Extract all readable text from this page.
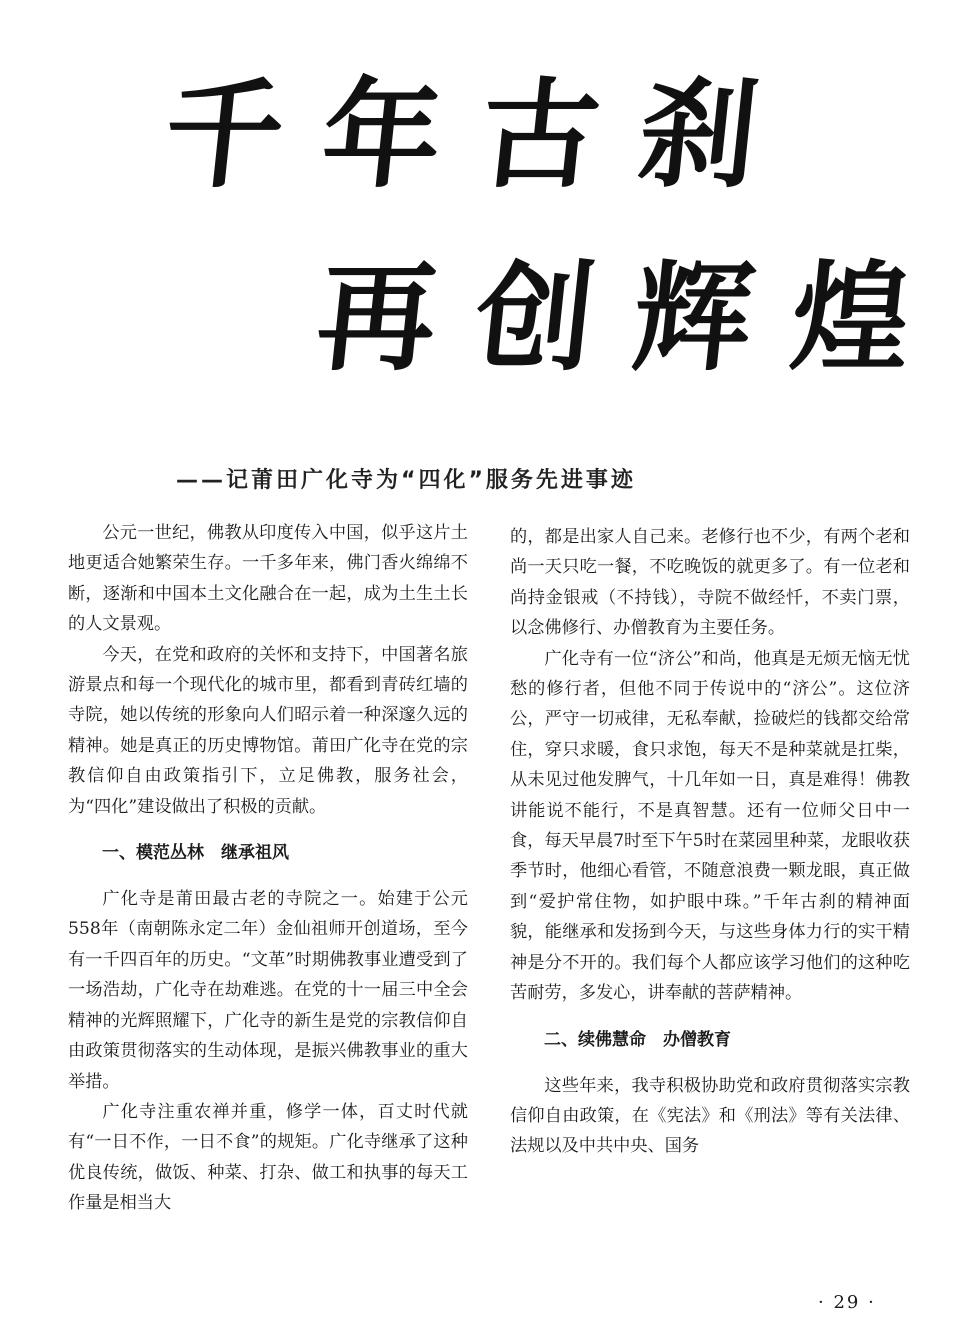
千年古刹
再创辉煌
——记莆田广化寺为“四化”服务先进事迹

公元一世纪，佛教从印度传入中国，似乎这片土地更适合她繁荣生存。一千多年来，佛门香火绵绵不断，逐渐和中国本土文化融合在一起，成为土生土长的人文景观。

今天，在党和政府的关怀和支持下，中国著名旅游景点和每一个现代化的城市里，都看到青砖红墙的寺院，她以传统的形象向人们昭示着一种深邃久远的精神。她是真正的历史博物馆。莆田广化寺在党的宗教信仰自由政策指引下，立足佛教，服务社会，为“四化”建设做出了积极的贡献。

一、模范丛林　继承祖风

广化寺是莆田最古老的寺院之一。始建于公元558年（南朝陈永定二年）金仙祖师开创道场，至今有一千四百年的历史。“文革”时期佛教事业遭受到了一场浩劫，广化寺在劫难逃。在党的十一届三中全会精神的光辉照耀下，广化寺的新生是党的宗教信仰自由政策贯彻落实的生动体现，是振兴佛教事业的重大举措。

广化寺注重农禅并重，修学一体，百丈时代就有“一日不作，一日不食”的规矩。广化寺继承了这种优良传统，做饭、种菜、打杂、做工和执事的每天工作量是相当大

的，都是出家人自己来。老修行也不少，有两个老和尚一天只吃一餐，不吃晚饭的就更多了。有一位老和尚持金银戒（不持钱），寺院不做经忏，不卖门票，以念佛修行、办僧教育为主要任务。

广化寺有一位“济公”和尚，他真是无烦无恼无忧愁的修行者，但他不同于传说中的“济公”。这位济公，严守一切戒律，无私奉献，捡破烂的钱都交给常住，穿只求暖，食只求饱，每天不是种菜就是扛柴，从未见过他发脾气，十几年如一日，真是难得！佛教讲能说不能行，不是真智慧。还有一位师父日中一食，每天早晨7时至下午5时在菜园里种菜，龙眼收获季节时，他细心看管，不随意浪费一颗龙眼，真正做到“爱护常住物，如护眼中珠。”千年古刹的精神面貌，能继承和发扬到今天，与这些身体力行的实干精神是分不开的。我们每个人都应该学习他们的这种吃苦耐劳，多发心，讲奉献的菩萨精神。

二、续佛慧命　办僧教育

这些年来，我寺积极协助党和政府贯彻落实宗教信仰自由政策，在《宪法》和《刑法》等有关法律、法规以及中共中央、国务

· 29 ·
